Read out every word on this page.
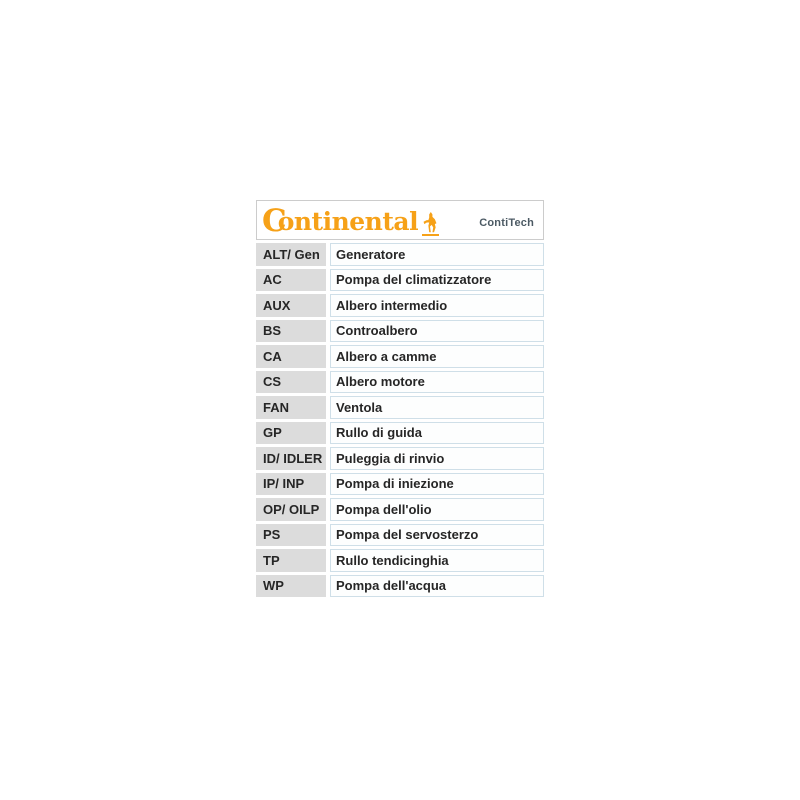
C
ontinental	ContiTech
ALT/ Gen	Generatore
AC	Pompa del climatizzatore
AUX	Albero intermedio
BS	Controalbero
CA	Albero a camme
CS	Albero motore
FAN	Ventola
GP	Rullo di guida
ID/ IDLER	Puleggia di rinvio
IP/ INP	Pompa di iniezione
OP/ OILP	Pompa dell'olio
PS	Pompa del servosterzo
TP	Rullo tendicinghia
WP	Pompa dell'acqua
